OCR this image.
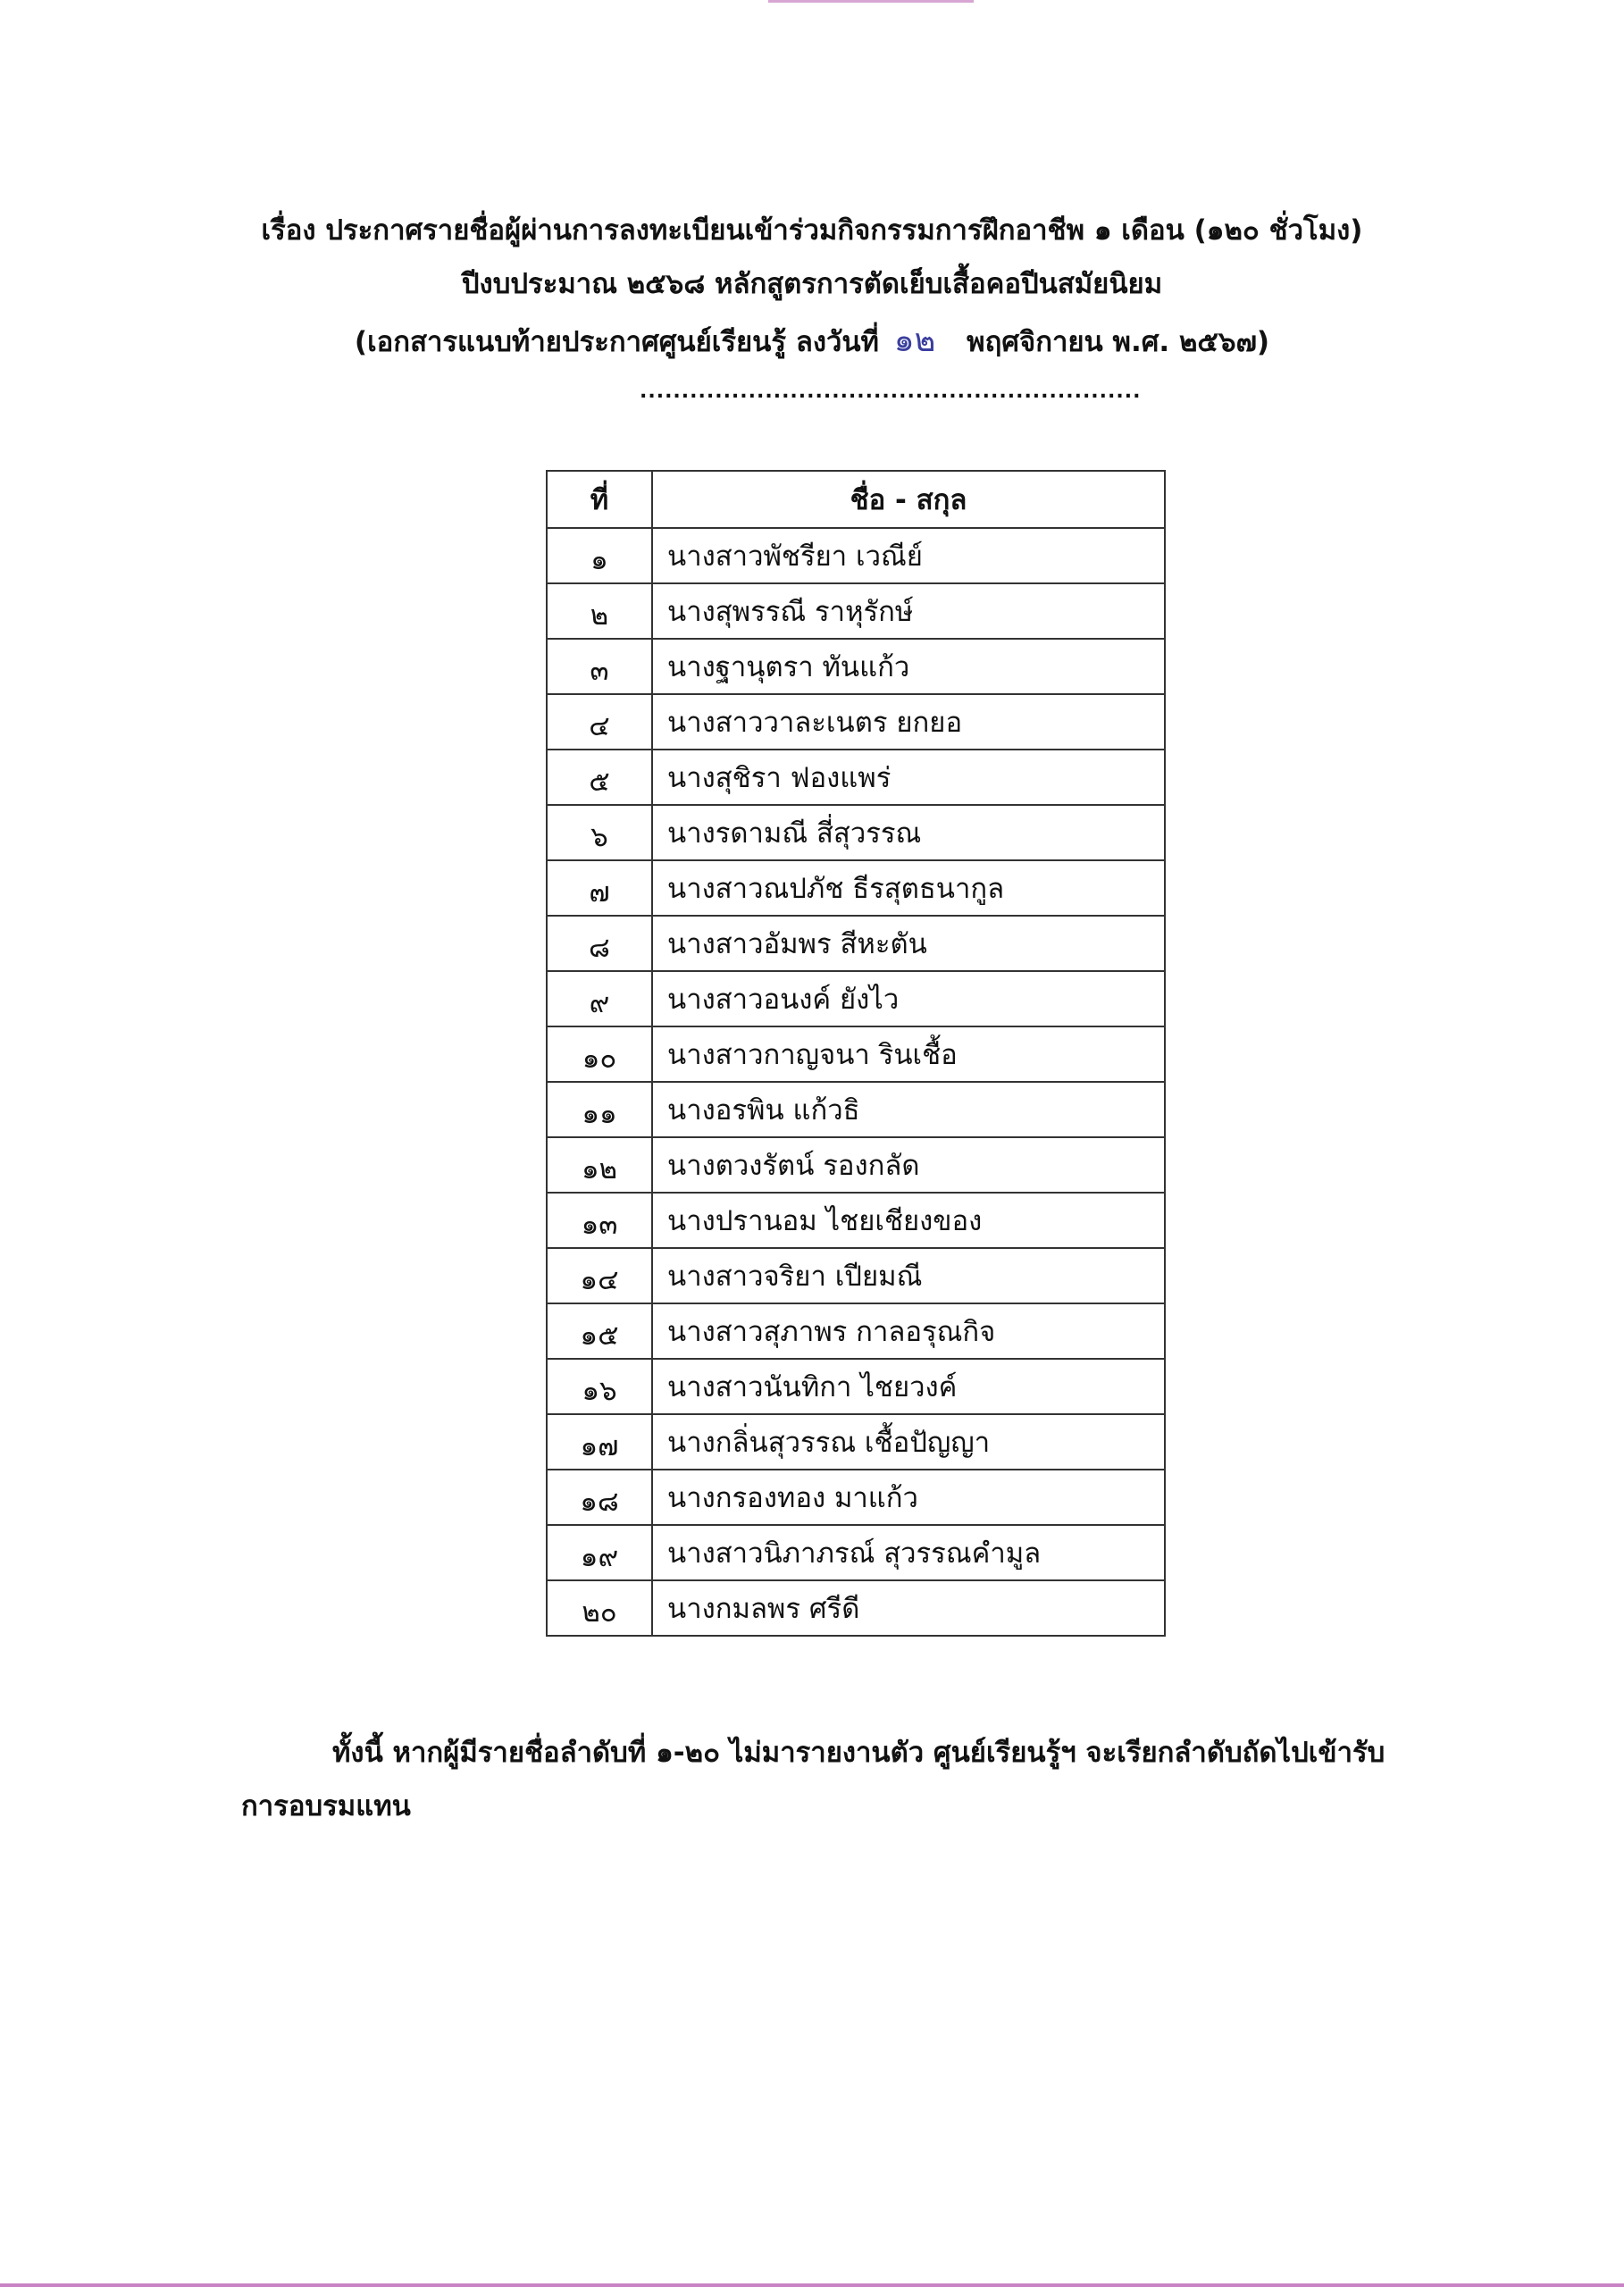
เรื่อง ประกาศรายชื่อผู้ผ่านการลงทะเบียนเข้าร่วมกิจกรรมการฝึกอาชีพ ๑ เดือน (๑๒๐ ชั่วโมง)
ปีงบประมาณ ๒๕๖๘ หลักสูตรการตัดเย็บเสื้อคอปีนสมัยนิยม
(เอกสารแนบท้ายประกาศศูนย์เรียนรู้ ลงวันที่ ๑๒ พฤศจิกายน พ.ศ. ๒๕๖๗)
............................................................
ที่	ชื่อ - สกุล
๑	นางสาวพัชรียา เวณีย์
๒	นางสุพรรณี ราหุรักษ์
๓	นางฐานุตรา ทันแก้ว
๔	นางสาววาละเนตร ยกยอ
๕	นางสุชิรา ฟองแพร่
๖	นางรดามณี สี่สุวรรณ
๗	นางสาวณปภัช ธีรสุตธนากูล
๘	นางสาวอัมพร สีหะตัน
๙	นางสาวอนงค์ ยังไว
๑๐	นางสาวกาญจนา รินเชื้อ
๑๑	นางอรพิน แก้วธิ
๑๒	นางตวงรัตน์ รองกลัด
๑๓	นางปรานอม ไชยเชียงของ
๑๔	นางสาวจริยา เปียมณี
๑๕	นางสาวสุภาพร กาลอรุณกิจ
๑๖	นางสาวนันทิกา ไชยวงค์
๑๗	นางกลิ่นสุวรรณ เชื้อปัญญา
๑๘	นางกรองทอง มาแก้ว
๑๙	นางสาวนิภาภรณ์ สุวรรณคำมูล
๒๐	นางกมลพร ศรีดี
ทั้งนี้ หากผู้มีรายชื่อลำดับที่ ๑-๒๐ ไม่มารายงานตัว ศูนย์เรียนรู้ฯ จะเรียกลำดับถัดไปเข้ารับ
การอบรมแทน
